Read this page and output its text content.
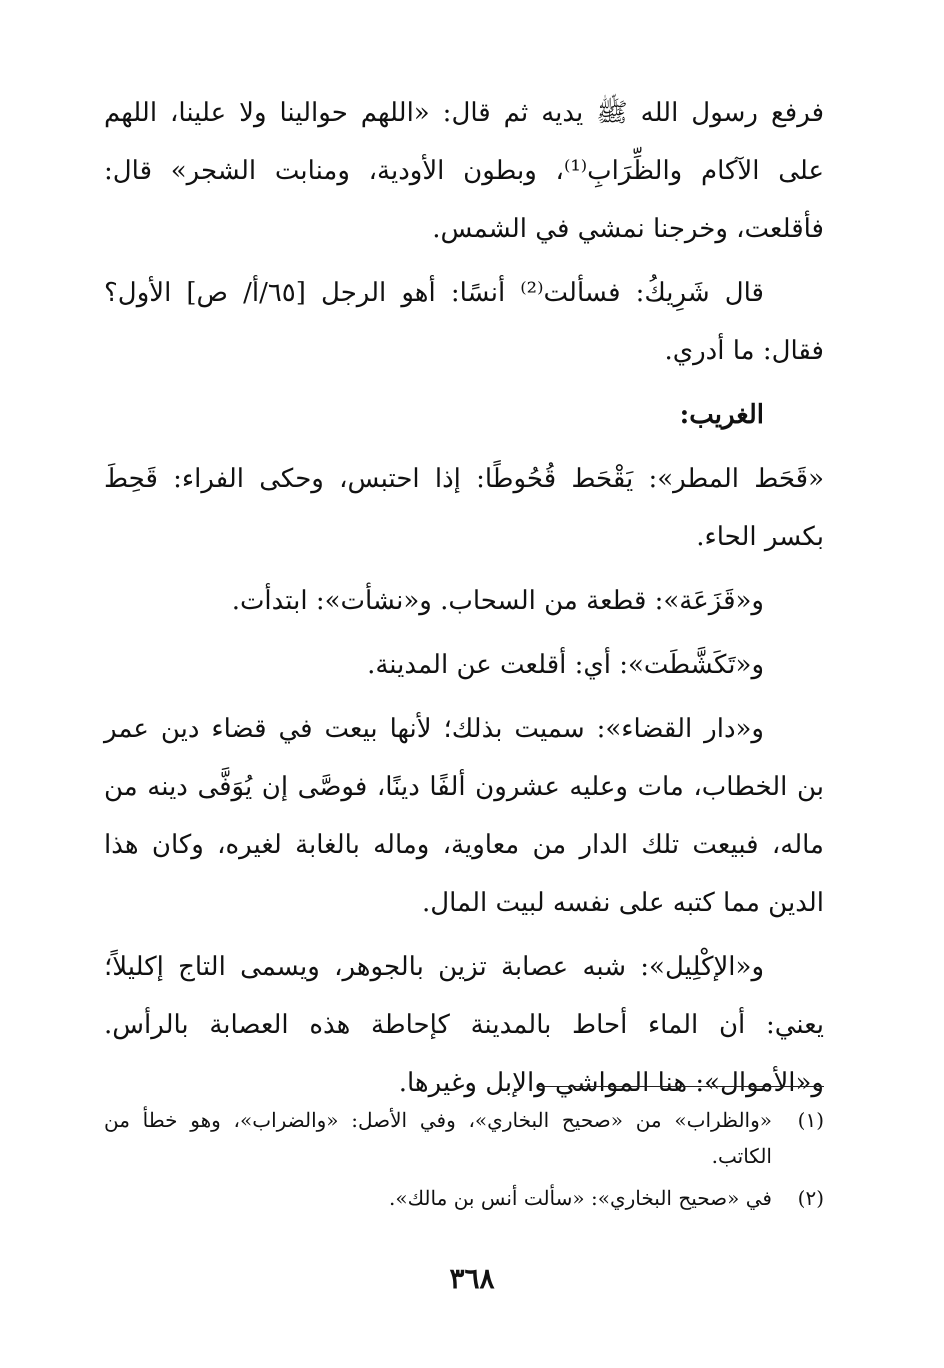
فرفع رسول الله ﷺ يديه ثم قال: «اللهم حوالينا ولا علينا، اللهم على الآكام والظِّرَابِ⁽¹⁾، وبطون الأودية، ومنابت الشجر» قال: فأقلعت، وخرجنا نمشي في الشمس.

قال شَرِيكُ: فسألت⁽²⁾ أنسًا: أهو الرجل [٦٥/أ/ ص] الأول؟ فقال: ما أدري.

الغريب:

«قَحَط المطر»: يَقْحَط قُحُوطًا: إذا احتبس، وحكى الفراء: قَحِطَ بكسر الحاء.

و«قَزَعَة»: قطعة من السحاب. و«نشأت»: ابتدأت.

و«تَكَشَّطَت»: أي: أقلعت عن المدينة.

و«دار القضاء»: سميت بذلك؛ لأنها بيعت في قضاء دين عمر بن الخطاب، مات وعليه عشرون ألفًا دينًا، فوصَّى إن يُوَفَّى دينه من ماله، فبيعت تلك الدار من معاوية، وماله بالغابة لغيره، وكان هذا الدين مما كتبه على نفسه لبيت المال.

و«الإكْلِيل»: شبه عصابة تزين بالجوهر، ويسمى التاج إكليلاً؛ يعني: أن الماء أحاط بالمدينة كإحاطة هذه العصابة بالرأس. و«الأموال»: هنا المواشي والإبل وغيرها.

(١)
«والظراب» من «صحيح البخاري»، وفي الأصل: «والضراب»، وهو خطأ من الكاتب.
(٢)
في «صحيح البخاري»: «سألت أنس بن مالك».
٣٦٨
